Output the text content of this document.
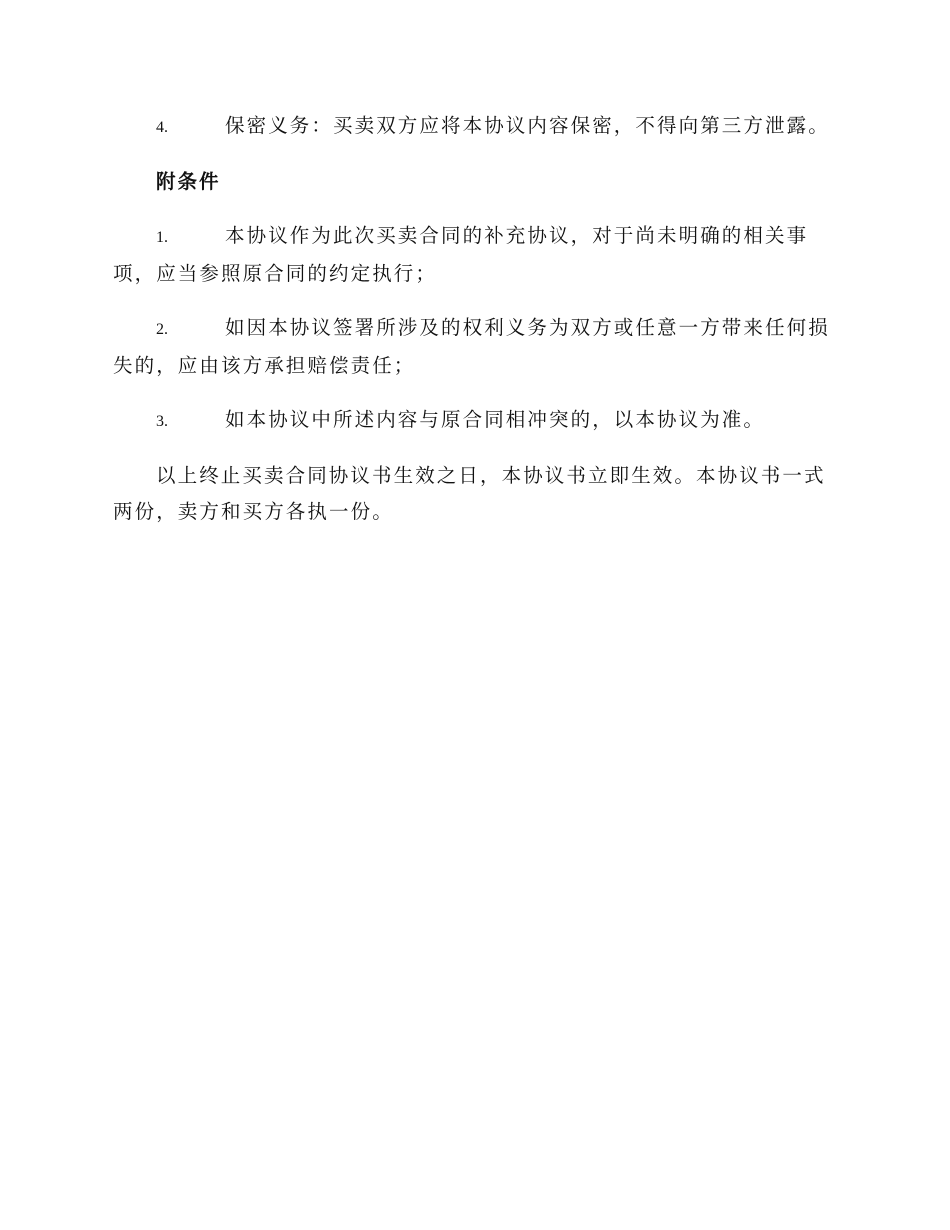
4.	保密义务：买卖双方应将本协议内容保密，不得向第三方泄露。

附条件

1.	本协议作为此次买卖合同的补充协议，对于尚未明确的相关事项，应当参照原合同的约定执行；

2.	如因本协议签署所涉及的权利义务为双方或任意一方带来任何损失的，应由该方承担赔偿责任；

3.	如本协议中所述内容与原合同相冲突的，以本协议为准。

以上终止买卖合同协议书生效之日，本协议书立即生效。本协议书一式两份，卖方和买方各执一份。
